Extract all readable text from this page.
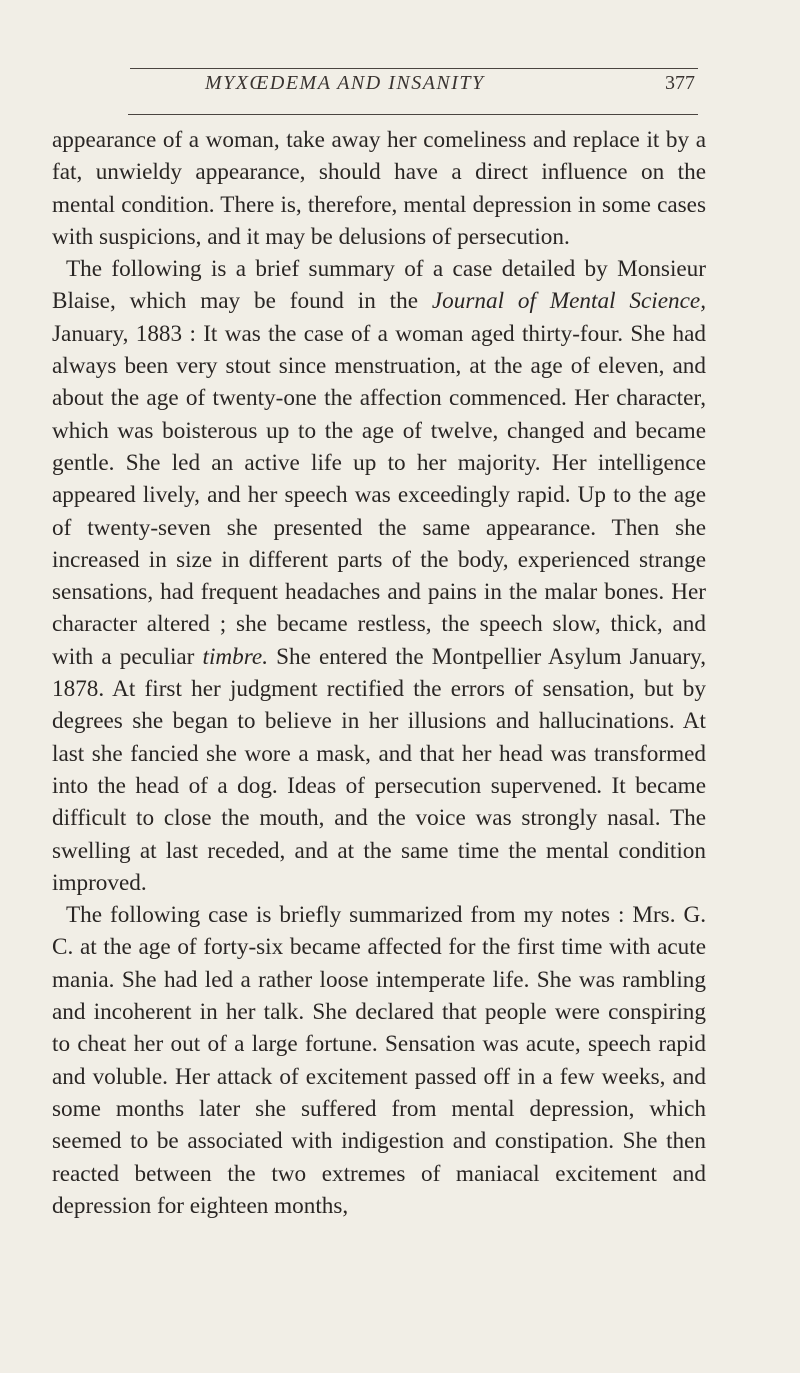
MYXŒDEMA AND INSANITY	377

appearance of a woman, take away her comeliness and replace it by a fat, unwieldy appearance, should have a direct influence on the mental condition. There is, therefore, mental depression in some cases with suspicions, and it may be delusions of persecution.

The following is a brief summary of a case detailed by Monsieur Blaise, which may be found in the Journal of Mental Science, January, 1883 : It was the case of a woman aged thirty-four. She had always been very stout since menstruation, at the age of eleven, and about the age of twenty-one the affection commenced. Her character, which was boisterous up to the age of twelve, changed and became gentle. She led an active life up to her majority. Her intelligence appeared lively, and her speech was exceedingly rapid. Up to the age of twenty-seven she presented the same appearance. Then she increased in size in different parts of the body, experienced strange sensations, had frequent headaches and pains in the malar bones. Her character altered ; she became restless, the speech slow, thick, and with a peculiar timbre. She entered the Montpellier Asylum January, 1878. At first her judgment rectified the errors of sensation, but by degrees she began to believe in her illusions and hallucinations. At last she fancied she wore a mask, and that her head was transformed into the head of a dog. Ideas of persecution supervened. It became difficult to close the mouth, and the voice was strongly nasal. The swelling at last receded, and at the same time the mental condition improved.

The following case is briefly summarized from my notes : Mrs. G. C. at the age of forty-six became affected for the first time with acute mania. She had led a rather loose intemperate life. She was rambling and incoherent in her talk. She declared that people were conspiring to cheat her out of a large fortune. Sensation was acute, speech rapid and voluble. Her attack of excitement passed off in a few weeks, and some months later she suffered from mental depression, which seemed to be associated with indigestion and constipation. She then reacted between the two extremes of maniacal excitement and depression for eighteen months,
